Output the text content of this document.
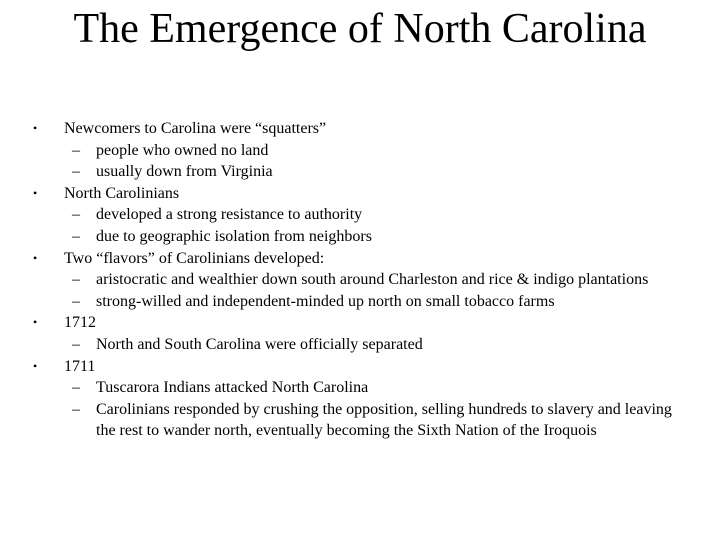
The Emergence of North Carolina
• Newcomers to Carolina were “squatters”
– people who owned no land
– usually down from Virginia
• North Carolinians
– developed a strong resistance to authority
– due to geographic isolation from neighbors
• Two “flavors” of Carolinians developed:
– aristocratic and wealthier down south around Charleston and rice & indigo plantations
– strong-willed and independent-minded up north on small tobacco farms
• 1712
– North and South Carolina were officially separated
• 1711
– Tuscarora Indians attacked North Carolina
– Carolinians responded by crushing the opposition, selling hundreds to slavery and leaving the rest to wander north, eventually becoming the Sixth Nation of the Iroquois
